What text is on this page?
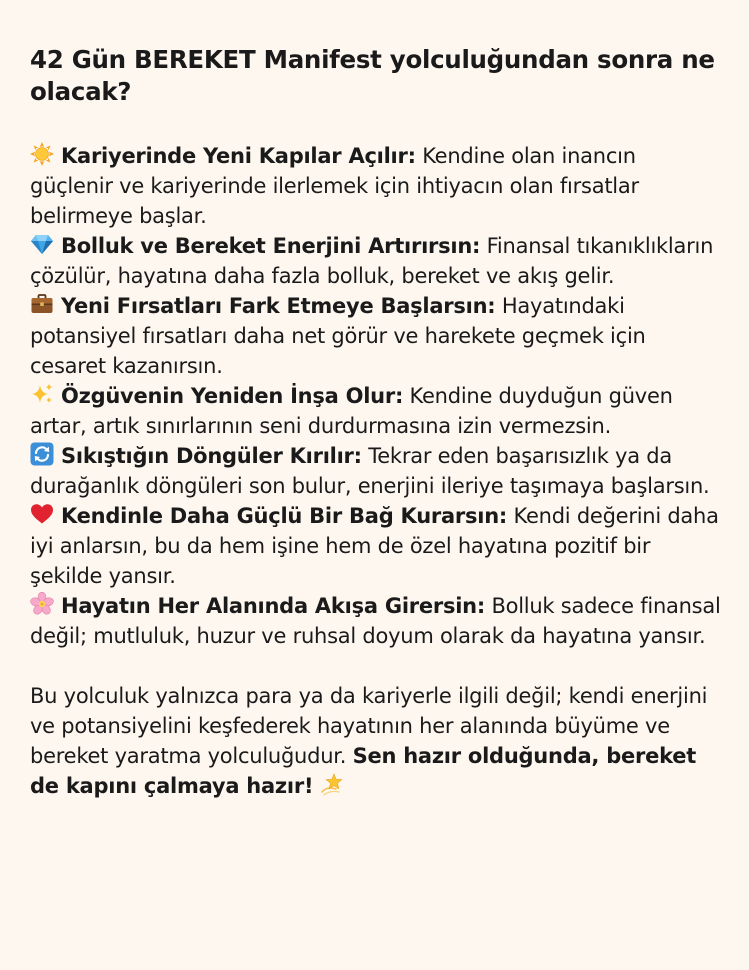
42 Gün BEREKET Manifest yolculuğundan sonra ne olacak?

Kariyerinde Yeni Kapılar Açılır: Kendine olan inancın güçlenir ve kariyerinde ilerlemek için ihtiyacın olan fırsatlar belirmeye başlar.

Bolluk ve Bereket Enerjini Artırırsın: Finansal tıkanıklıkların çözülür, hayatına daha fazla bolluk, bereket ve akış gelir.

Yeni Fırsatları Fark Etmeye Başlarsın: Hayatındaki potansiyel fırsatları daha net görür ve harekete geçmek için cesaret kazanırsın.

Özgüvenin Yeniden İnşa Olur: Kendine duyduğun güven artar, artık sınırlarının seni durdurmasına izin vermezsin.

Sıkıştığın Döngüler Kırılır: Tekrar eden başarısızlık ya da durağanlık döngüleri son bulur, enerjini ileriye taşımaya başlarsın.

Kendinle Daha Güçlü Bir Bağ Kurarsın: Kendi değerini daha iyi anlarsın, bu da hem işine hem de özel hayatına pozitif bir şekilde yansır.

Hayatın Her Alanında Akışa Girersin: Bolluk sadece finansal değil; mutluluk, huzur ve ruhsal doyum olarak da hayatına yansır.

Bu yolculuk yalnızca para ya da kariyerle ilgili değil; kendi enerjini ve potansiyelini keşfederek hayatının her alanında büyüme ve bereket yaratma yolculuğudur. Sen hazır olduğunda, bereket de kapını çalmaya hazır!
